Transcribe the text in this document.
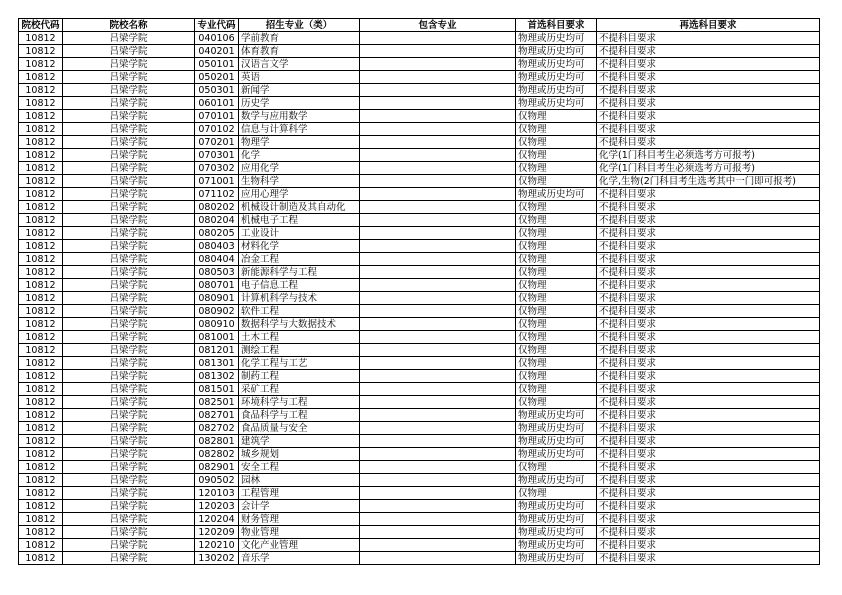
院校代码	院校名称	专业代码	招生专业（类）	包含专业	首选科目要求	再选科目要求
10812	吕梁学院	040106	学前教育		物理或历史均可	不提科目要求
10812	吕梁学院	040201	体育教育		物理或历史均可	不提科目要求
10812	吕梁学院	050101	汉语言文学		物理或历史均可	不提科目要求
10812	吕梁学院	050201	英语		物理或历史均可	不提科目要求
10812	吕梁学院	050301	新闻学		物理或历史均可	不提科目要求
10812	吕梁学院	060101	历史学		物理或历史均可	不提科目要求
10812	吕梁学院	070101	数学与应用数学		仅物理	不提科目要求
10812	吕梁学院	070102	信息与计算科学		仅物理	不提科目要求
10812	吕梁学院	070201	物理学		仅物理	不提科目要求
10812	吕梁学院	070301	化学		仅物理	化学(1门科目考生必须选考方可报考)
10812	吕梁学院	070302	应用化学		仅物理	化学(1门科目考生必须选考方可报考)
10812	吕梁学院	071001	生物科学		仅物理	化学,生物(2门科目考生选考其中一门即可报考)
10812	吕梁学院	071102	应用心理学		物理或历史均可	不提科目要求
10812	吕梁学院	080202	机械设计制造及其自动化		仅物理	不提科目要求
10812	吕梁学院	080204	机械电子工程		仅物理	不提科目要求
10812	吕梁学院	080205	工业设计		仅物理	不提科目要求
10812	吕梁学院	080403	材料化学		仅物理	不提科目要求
10812	吕梁学院	080404	冶金工程		仅物理	不提科目要求
10812	吕梁学院	080503	新能源科学与工程		仅物理	不提科目要求
10812	吕梁学院	080701	电子信息工程		仅物理	不提科目要求
10812	吕梁学院	080901	计算机科学与技术		仅物理	不提科目要求
10812	吕梁学院	080902	软件工程		仅物理	不提科目要求
10812	吕梁学院	080910	数据科学与大数据技术		仅物理	不提科目要求
10812	吕梁学院	081001	土木工程		仅物理	不提科目要求
10812	吕梁学院	081201	测绘工程		仅物理	不提科目要求
10812	吕梁学院	081301	化学工程与工艺		仅物理	不提科目要求
10812	吕梁学院	081302	制药工程		仅物理	不提科目要求
10812	吕梁学院	081501	采矿工程		仅物理	不提科目要求
10812	吕梁学院	082501	环境科学与工程		仅物理	不提科目要求
10812	吕梁学院	082701	食品科学与工程		物理或历史均可	不提科目要求
10812	吕梁学院	082702	食品质量与安全		物理或历史均可	不提科目要求
10812	吕梁学院	082801	建筑学		物理或历史均可	不提科目要求
10812	吕梁学院	082802	城乡规划		物理或历史均可	不提科目要求
10812	吕梁学院	082901	安全工程		仅物理	不提科目要求
10812	吕梁学院	090502	园林		物理或历史均可	不提科目要求
10812	吕梁学院	120103	工程管理		仅物理	不提科目要求
10812	吕梁学院	120203	会计学		物理或历史均可	不提科目要求
10812	吕梁学院	120204	财务管理		物理或历史均可	不提科目要求
10812	吕梁学院	120209	物业管理		物理或历史均可	不提科目要求
10812	吕梁学院	120210	文化产业管理		物理或历史均可	不提科目要求
10812	吕梁学院	130202	音乐学		物理或历史均可	不提科目要求
